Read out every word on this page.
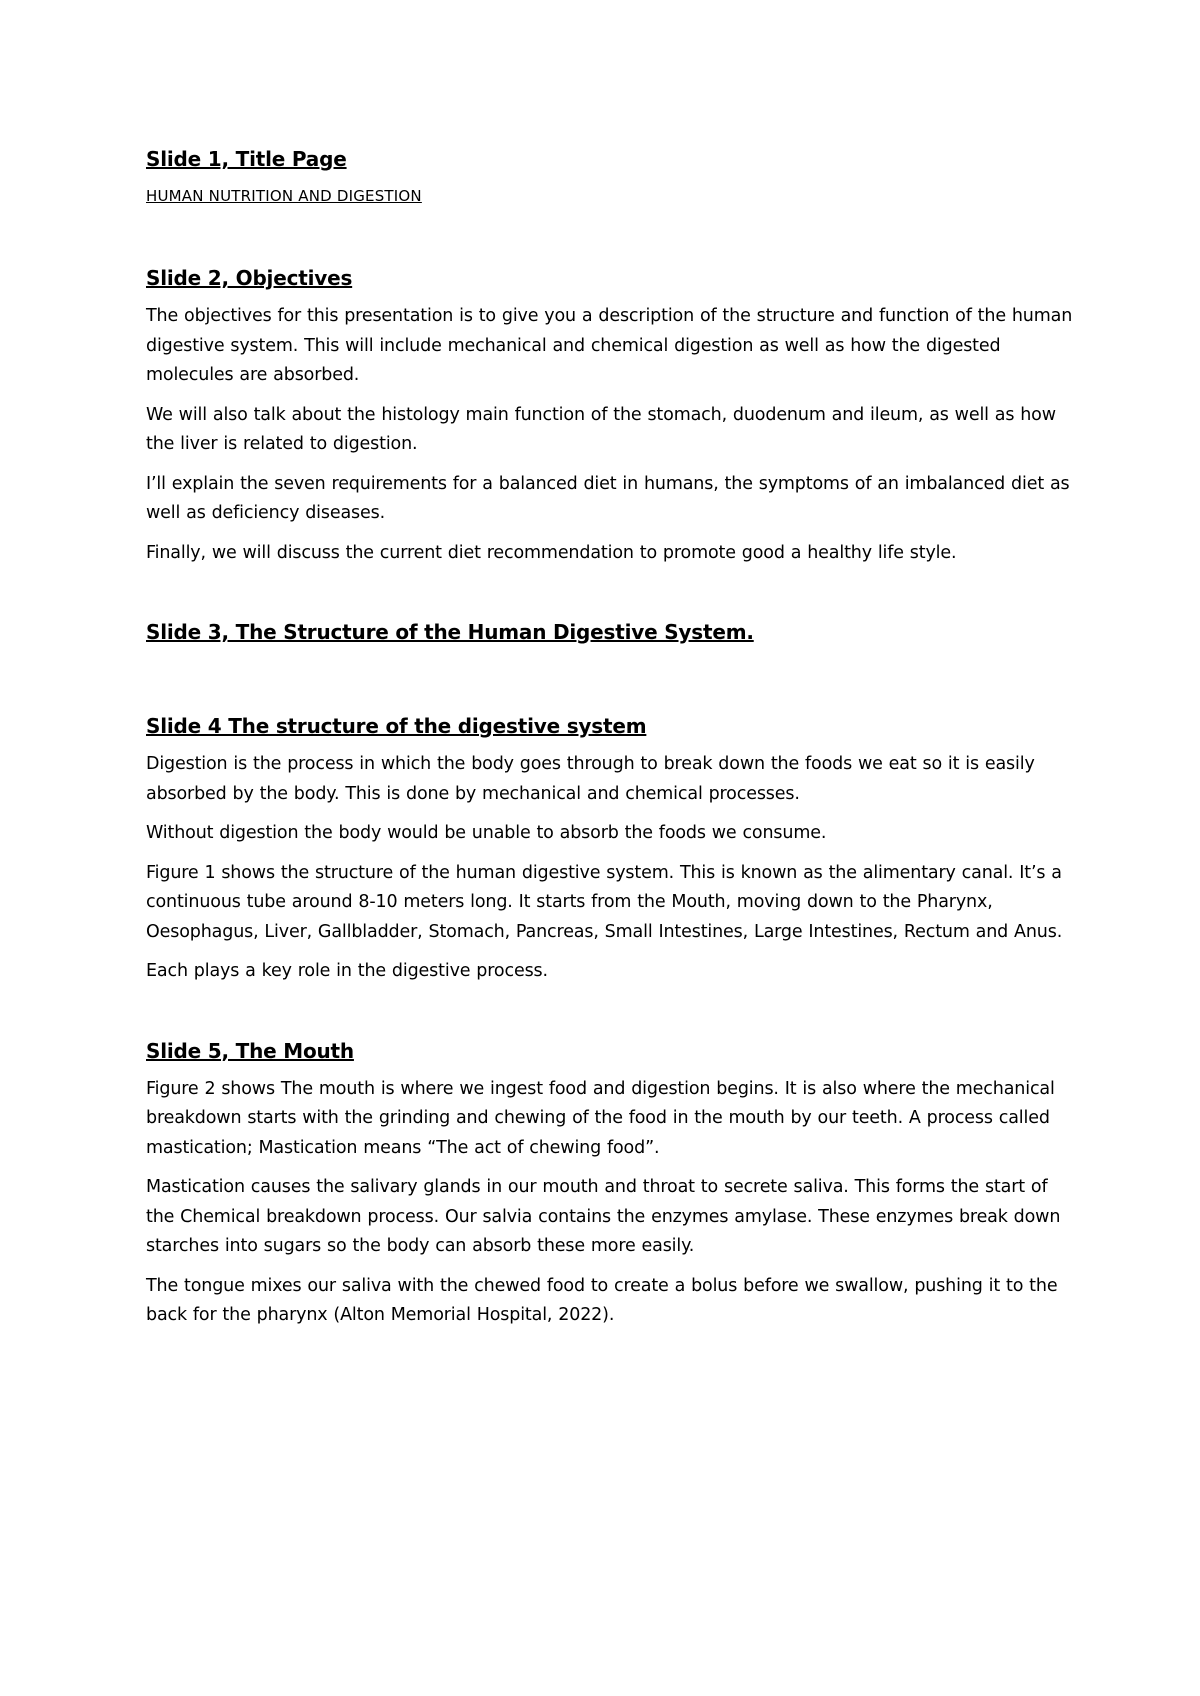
Slide 1, Title Page

HUMAN NUTRITION AND DIGESTION

Slide 2, Objectives

The objectives for this presentation is to give you a description of the structure and function of the human digestive system. This will include mechanical and chemical digestion as well as how the digested molecules are absorbed.

We will also talk about the histology main function of the stomach, duodenum and ileum, as well as how the liver is related to digestion.

I’ll explain the seven requirements for a balanced diet in humans, the symptoms of an imbalanced diet as well as deficiency diseases.

Finally, we will discuss the current diet recommendation to promote good a healthy life style.

Slide 3, The Structure of the Human Digestive System.
Slide 4 The structure of the digestive system

Digestion is the process in which the body goes through to break down the foods we eat so it is easily absorbed by the body. This is done by mechanical and chemical processes.

Without digestion the body would be unable to absorb the foods we consume.

Figure 1 shows the structure of the human digestive system. This is known as the alimentary canal. It’s a continuous tube around 8-10 meters long. It starts from the Mouth, moving down to the Pharynx, Oesophagus, Liver, Gallbladder, Stomach, Pancreas, Small Intestines, Large Intestines, Rectum and Anus.

Each plays a key role in the digestive process.

Slide 5, The Mouth

Figure 2 shows The mouth is where we ingest food and digestion begins. It is also where the mechanical breakdown starts with the grinding and chewing of the food in the mouth by our teeth. A process called mastication; Mastication means “The act of chewing food”.

Mastication causes the salivary glands in our mouth and throat to secrete saliva. This forms the start of the Chemical breakdown process. Our salvia contains the enzymes amylase. These enzymes break down starches into sugars so the body can absorb these more easily.

The tongue mixes our saliva with the chewed food to create a bolus before we swallow, pushing it to the back for the pharynx (Alton Memorial Hospital, 2022).
